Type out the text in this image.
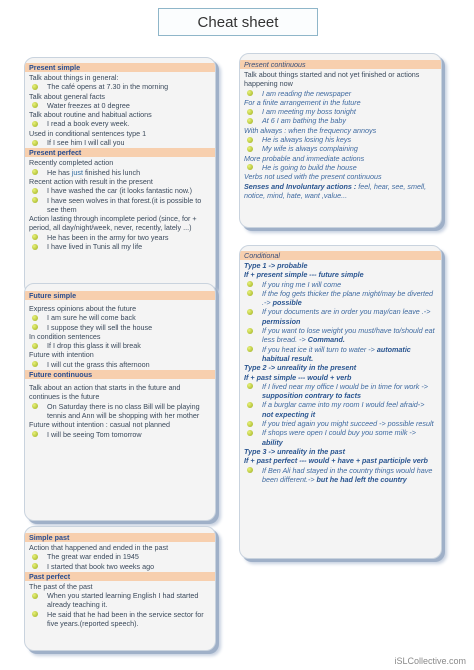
Cheat sheet
Present simple
Talk about things in general:
The café opens at 7.30 in the morning
Talk about general facts
Water freezes at 0 degree
Talk about routine and habitual actions
I read a book every week.
Used in conditional sentences type 1
If I see him I will call you
Present perfect
Recently completed action
He has just finished his lunch
Recent action with result in the present
I have washed the car (it looks fantastic now.)
I have seen wolves in that forest.(it is possible to see them
Action lasting through incomplete period (since, for + period, all day/night/week, never, recently, lately ...)
He has been in the army for two years
I have lived in Tunis all my life
Future simple
Express opinions about the future
I am sure he will come back
I suppose they will sell the house
In condition sentences
If I drop this glass it will break
Future with intention
I will cut the grass this afternoon
Future continuous
Talk about an action that starts in the future and continues is the future
On Saturday there is no class Bill will be playing tennis and Ann will be shopping with her mother
Future without intention : casual not planned
I will be seeing Tom tomorrow
Simple past
Action that happened and ended in the past
The great war ended in 1945
I started that book two weeks ago
Past perfect
The past of the past
When you started learning English I had started already teaching it.
He said that he had been in the service sector for five years.(reported speech).
Present continuous
Talk about things started and not yet finished or actions happening now
I am reading the newspaper
For a finite arrangement in the future
I am meeting my boss tonight
At 6 I am bathing the baby
With always : when the frequency annoys
He is always losing his keys
My wife is always complaining
More probable and immediate actions
He is going to build the house
Verbs not used with the present continuous
Senses and Involuntary actions : feel, hear, see, smell, notice, mind, hate, want ,value...
Conditional
Type 1 -> probable
If + present simple --- future simple
If you ring me I will come
If the fog gets thicker the plane might/may be diverted .-> possible
If your documents are in order you may/can leave .-> permission
If you want to lose weight you must/have to/should eat less bread. -> Command.
If you heat ice it will turn to water -> automatic habitual result.
Type 2 -> unreality in the present
If + past simple --- would + verb
If I lived near my office I would be in time for work -> supposition contrary to facts
If a burglar came into my room I would feel afraid-> not expecting it
If you tried again you might succeed -> possible result
If shops were open I could buy you some milk -> ability
Type 3 -> unreality in the past
If + past perfect --- would + have + past participle verb
If Ben Ali had stayed in the country things would have been different.-> but he had left the country
iSLCollective.com
